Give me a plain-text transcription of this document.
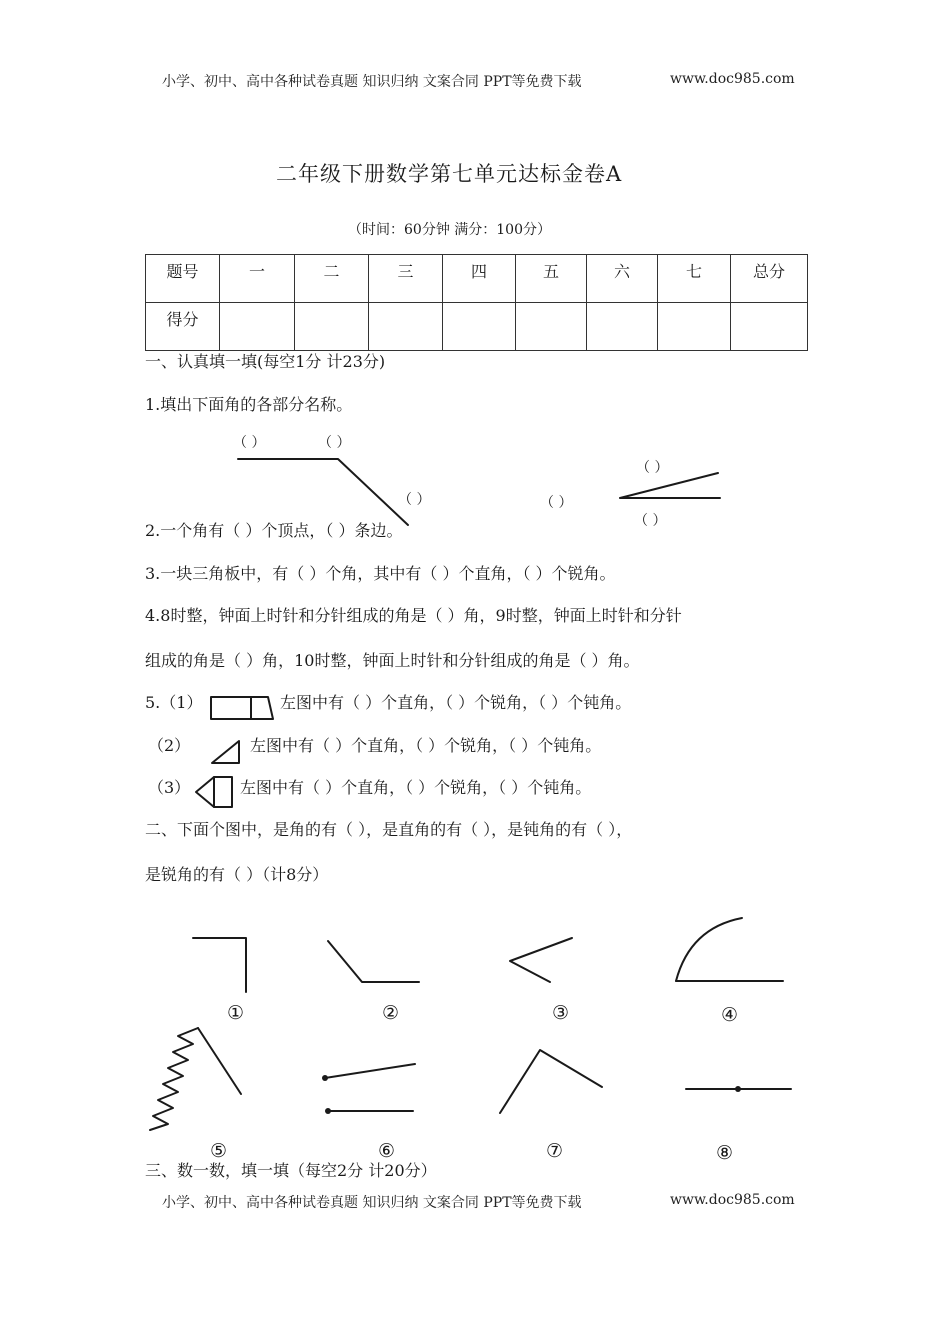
小学、初中、高中各种试卷真题 知识归纳 文案合同 PPT等免费下载	www.doc985.com
二年级下册数学第七单元达标金卷A
（时间：60分钟 满分：100分）
题号	一	二	三	四	五	六	七	总分
得分								
一、认真填一填(每空1分 计23分)
1.填出下面角的各部分名称。
（ ）	（ ）
（ ）
（ ）
（ ）
（ ）
2.一个角有（ ）个顶点，（ ）条边。
3.一块三角板中，有（ ）个角，其中有（ ）个直角，（ ）个锐角。
4.8时整，钟面上时针和分针组成的角是（ ）角，9时整，钟面上时针和分针
组成的角是（ ）角，10时整，钟面上时针和分针组成的角是（ ）角。
5.（1）	左图中有（ ）个直角，（ ）个锐角，（ ）个钝角。
（2）	左图中有（ ）个直角，（ ）个锐角，（ ）个钝角。
（3）	左图中有（ ）个直角，（ ）个锐角，（ ）个钝角。
二、下面个图中，是角的有（ ），是直角的有（ ），是钝角的有（ ），
是锐角的有（ ）（计8分）
①	②	③	④
⑤	⑥	⑦	⑧
三、数一数，填一填（每空2分 计20分）
小学、初中、高中各种试卷真题 知识归纳 文案合同 PPT等免费下载	www.doc985.com
